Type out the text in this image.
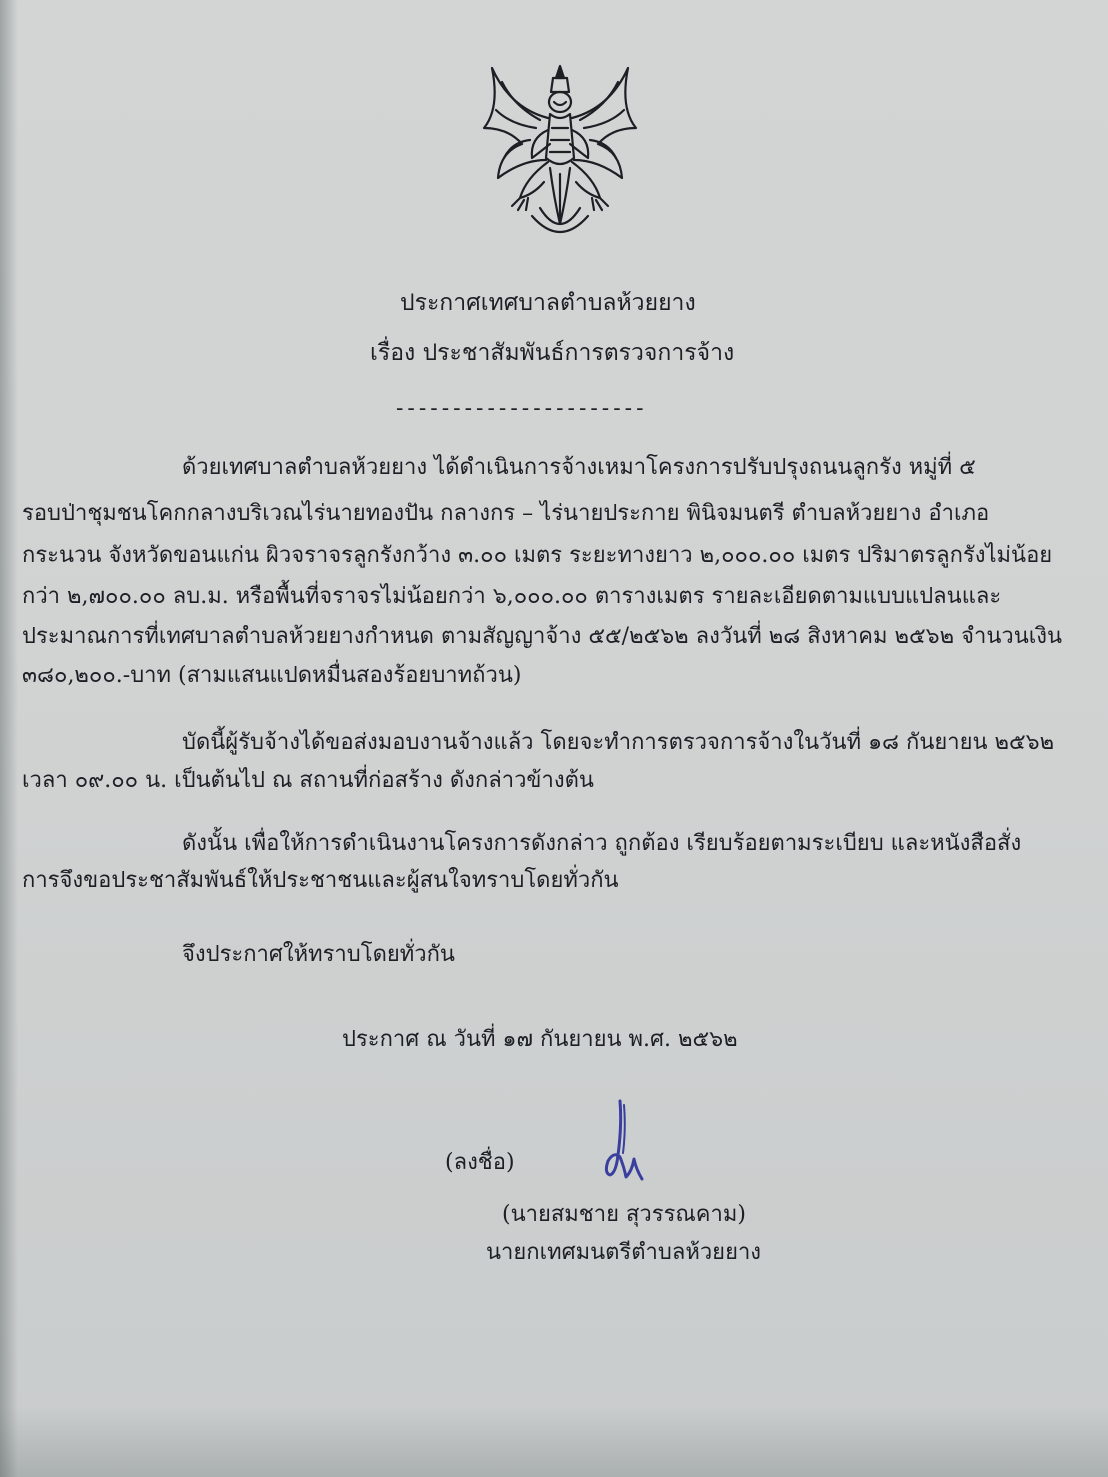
ประกาศเทศบาลตำบลห้วยยาง
เรื่อง ประชาสัมพันธ์การตรวจการจ้าง
----------------------
ด้วยเทศบาลตำบลห้วยยาง ได้ดำเนินการจ้างเหมาโครงการปรับปรุงถนนลูกรัง หมู่ที่ ๕
รอบป่าชุมชนโคกกลางบริเวณไร่นายทองปัน กลางกร – ไร่นายประกาย พินิจมนตรี ตำบลห้วยยาง อำเภอ
กระนวน จังหวัดขอนแก่น ผิวจราจรลูกรังกว้าง ๓.๐๐ เมตร ระยะทางยาว ๒,๐๐๐.๐๐ เมตร ปริมาตรลูกรังไม่น้อย
กว่า ๒,๗๐๐.๐๐ ลบ.ม. หรือพื้นที่จราจรไม่น้อยกว่า ๖,๐๐๐.๐๐ ตารางเมตร รายละเอียดตามแบบแปลนและ
ประมาณการที่เทศบาลตำบลห้วยยางกำหนด ตามสัญญาจ้าง ๕๕/๒๕๖๒ ลงวันที่ ๒๘ สิงหาคม ๒๕๖๒ จำนวนเงิน
๓๘๐,๒๐๐.-บาท (สามแสนแปดหมื่นสองร้อยบาทถ้วน)
บัดนี้ผู้รับจ้างได้ขอส่งมอบงานจ้างแล้ว โดยจะทำการตรวจการจ้างในวันที่ ๑๘ กันยายน ๒๕๖๒
เวลา ๐๙.๐๐ น. เป็นต้นไป ณ สถานที่ก่อสร้าง ดังกล่าวข้างต้น
ดังนั้น เพื่อให้การดำเนินงานโครงการดังกล่าว ถูกต้อง เรียบร้อยตามระเบียบ และหนังสือสั่ง
การจึงขอประชาสัมพันธ์ให้ประชาชนและผู้สนใจทราบโดยทั่วกัน
จึงประกาศให้ทราบโดยทั่วกัน
ประกาศ ณ วันที่ ๑๗ กันยายน พ.ศ. ๒๕๖๒
(ลงชื่อ)
(นายสมชาย สุวรรณคาม)
นายกเทศมนตรีตำบลห้วยยาง
